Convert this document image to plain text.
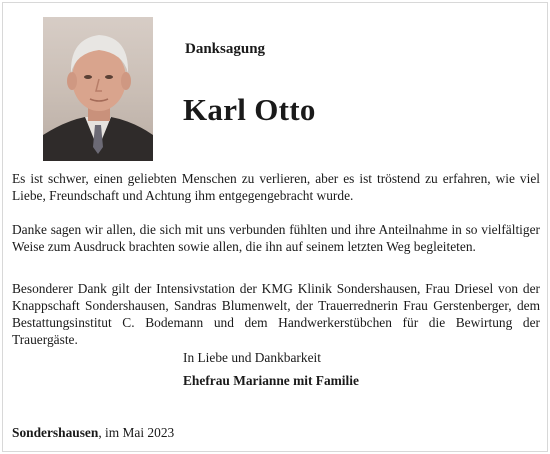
Danksagung
Karl Otto
Es ist schwer, einen geliebten Menschen zu verlieren, aber es ist tröstend zu erfahren, wie viel Liebe, Freundschaft und Achtung ihm entgegengebracht wurde.
Danke sagen wir allen, die sich mit uns verbunden fühlten und ihre Anteilnahme in so vielfältiger Weise zum Ausdruck brachten sowie allen, die ihn auf seinem letzten Weg begleiteten.
Besonderer Dank gilt der Intensivstation der KMG Klinik Sondershausen, Frau Driesel von der Knappschaft Sondershausen, Sandras Blumenwelt, der Trauerrednerin Frau Gerstenberger, dem Bestattungsinstitut C. Bodemann und dem Handwerkerstübchen für die Bewirtung der Trauergäste.
In Liebe und Dankbarkeit
Ehefrau Marianne mit Familie
Sondershausen, im Mai 2023
